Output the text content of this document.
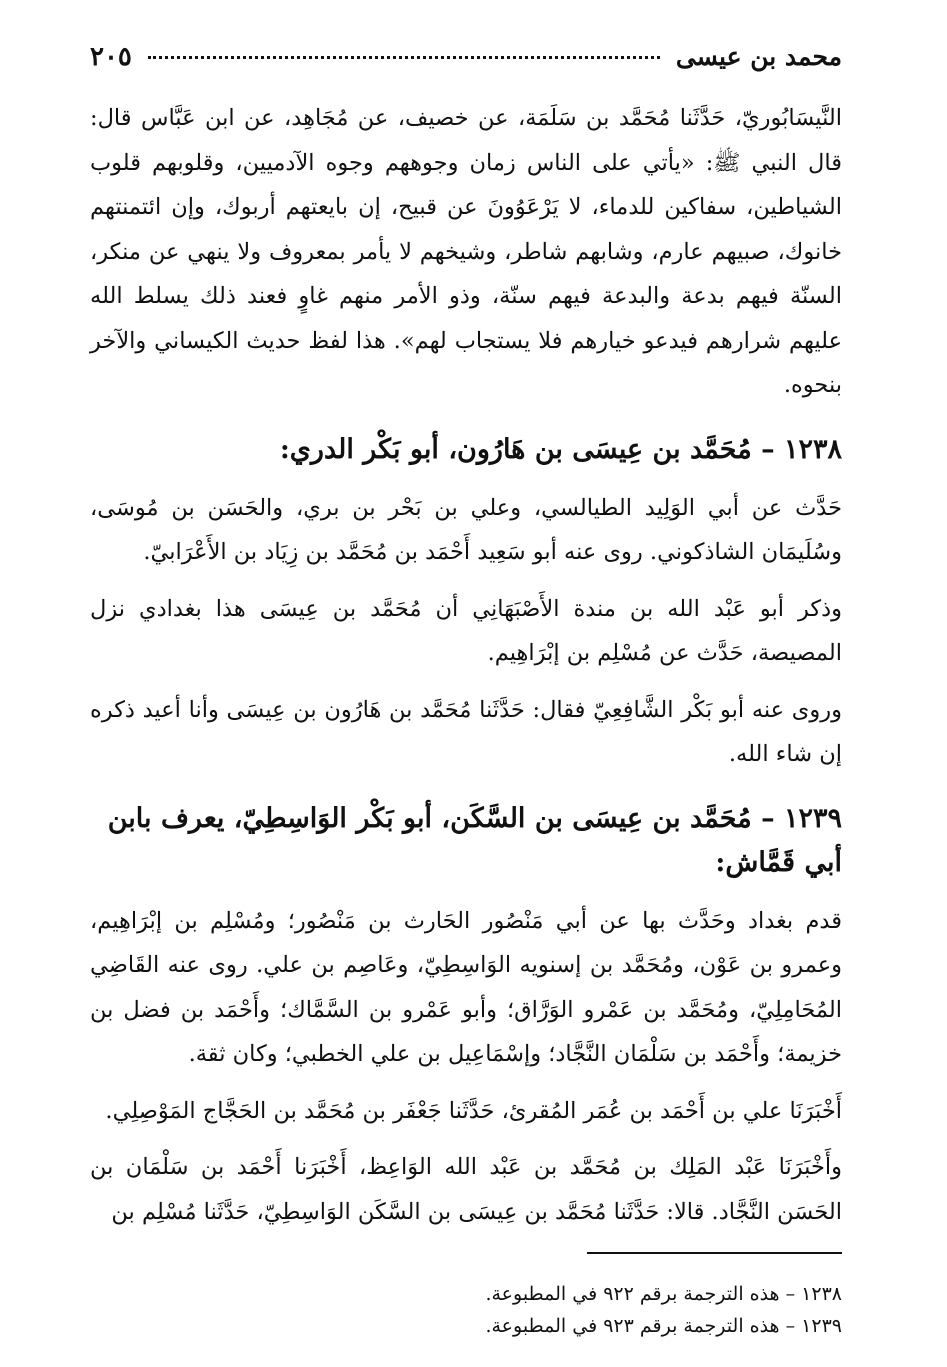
محمد بن عيسى
٢٠٥

النَّيسَابُوريّ، حَدَّثَنا مُحَمَّد بن سَلَمَة، عن خصيف، عن مُجَاهِد، عن ابن عَبَّاس قال: قال النبي ﷺ: «يأتي على الناس زمان وجوههم وجوه الآدميين، وقلوبهم قلوب الشياطين، سفاكين للدماء، لا يَرْعَوُونَ عن قبيح، إن بايعتهم أربوك، وإن ائتمنتهم خانوك، صبيهم عارم، وشابهم شاطر، وشيخهم لا يأمر بمعروف ولا ينهي عن منكر، السنّة فيهم بدعة والبدعة فيهم سنّة، وذو الأمر منهم غاوٍ فعند ذلك يسلط الله عليهم شرارهم فيدعو خيارهم فلا يستجاب لهم». هذا لفظ حديث الكيساني والآخر بنحوه.

١٢٣٨ – مُحَمَّد بن عِيسَى بن هَارُون، أبو بَكْر الدري:

حَدَّث عن أبي الوَلِيد الطيالسي، وعلي بن بَحْر بن بري، والحَسَن بن مُوسَى، وسُلَيمَان الشاذكوني. روى عنه أبو سَعِيد أَحْمَد بن مُحَمَّد بن زِيَاد بن الأَعْرَابيّ.

وذكر أبو عَبْد الله بن مندة الأَصْبَهَانِي أن مُحَمَّد بن عِيسَى هذا بغدادي نزل المصيصة، حَدَّث عن مُسْلِم بن إبْرَاهِيم.

وروى عنه أبو بَكْر الشَّافِعِيّ فقال: حَدَّثَنا مُحَمَّد بن هَارُون بن عِيسَى وأنا أعيد ذكره إن شاء الله.

١٢٣٩ – مُحَمَّد بن عِيسَى بن السَّكَن، أبو بَكْر الوَاسِطِيّ، يعرف بابن أبي قَمَّاش:

قدم بغداد وحَدَّث بها عن أبي مَنْصُور الحَارث بن مَنْصُور؛ ومُسْلِم بن إبْرَاهِيم، وعمرو بن عَوْن، ومُحَمَّد بن إسنويه الوَاسِطِيّ، وعَاصِم بن علي. روى عنه القَاضِي المُحَامِلِيّ، ومُحَمَّد بن عَمْرو الوَرَّاق؛ وأبو عَمْرو بن السَّمَّاك؛ وأَحْمَد بن فضل بن خزيمة؛ وأَحْمَد بن سَلْمَان النَّجَّاد؛ وإسْمَاعِيل بن علي الخطبي؛ وكان ثقة.

أَخْبَرَنَا علي بن أَحْمَد بن عُمَر المُقرئ، حَدَّثَنا جَعْفَر بن مُحَمَّد بن الحَجَّاج المَوْصِلِي.

وأَخْبَرَنَا عَبْد المَلِك بن مُحَمَّد بن عَبْد الله الوَاعِظ، أَخْبَرَنا أَحْمَد بن سَلْمَان بن الحَسَن النَّجَّاد. قالا: حَدَّثَنا مُحَمَّد بن عِيسَى بن السَّكَن الوَاسِطِيّ، حَدَّثَنا مُسْلِم بن

١٢٣٨ – هذه الترجمة برقم ٩٢٢ في المطبوعة.

١٢٣٩ – هذه الترجمة برقم ٩٢٣ في المطبوعة.
